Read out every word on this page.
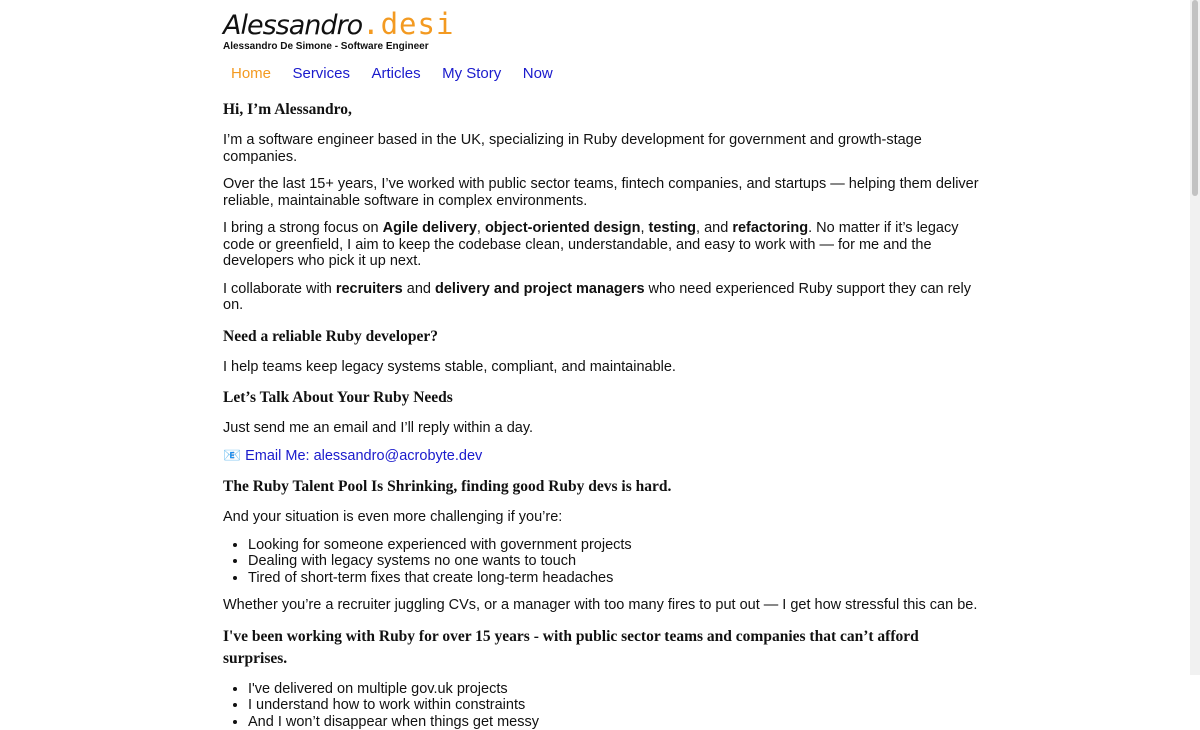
Alessandro.desi
Alessandro De Simone - Software Engineer
Home Services Articles My Story Now
Hi, I’m Alessandro,

I’m a software engineer based in the UK, specializing in Ruby development for government and growth-stage companies.

Over the last 15+ years, I’ve worked with public sector teams, fintech companies, and startups — helping them deliver reliable, maintainable software in complex environments.

I bring a strong focus on Agile delivery, object-oriented design, testing, and refactoring. No matter if it’s legacy code or greenfield, I aim to keep the codebase clean, understandable, and easy to work with — for me and the developers who pick it up next.

I collaborate with recruiters and delivery and project managers who need experienced Ruby support they can rely on.

Need a reliable Ruby developer?

I help teams keep legacy systems stable, compliant, and maintainable.

Let’s Talk About Your Ruby Needs

Just send me an email and I’ll reply within a day.

📧 Email Me: alessandro@acrobyte.dev

The Ruby Talent Pool Is Shrinking, finding good Ruby devs is hard.

And your situation is even more challenging if you’re:

• Looking for someone experienced with government projects
• Dealing with legacy systems no one wants to touch
• Tired of short-term fixes that create long-term headaches

Whether you’re a recruiter juggling CVs, or a manager with too many fires to put out — I get how stressful this can be.

I've been working with Ruby for over 15 years - with public sector teams and companies that can’t afford surprises.
• I've delivered on multiple gov.uk projects
• I understand how to work within constraints
• And I won’t disappear when things get messy
